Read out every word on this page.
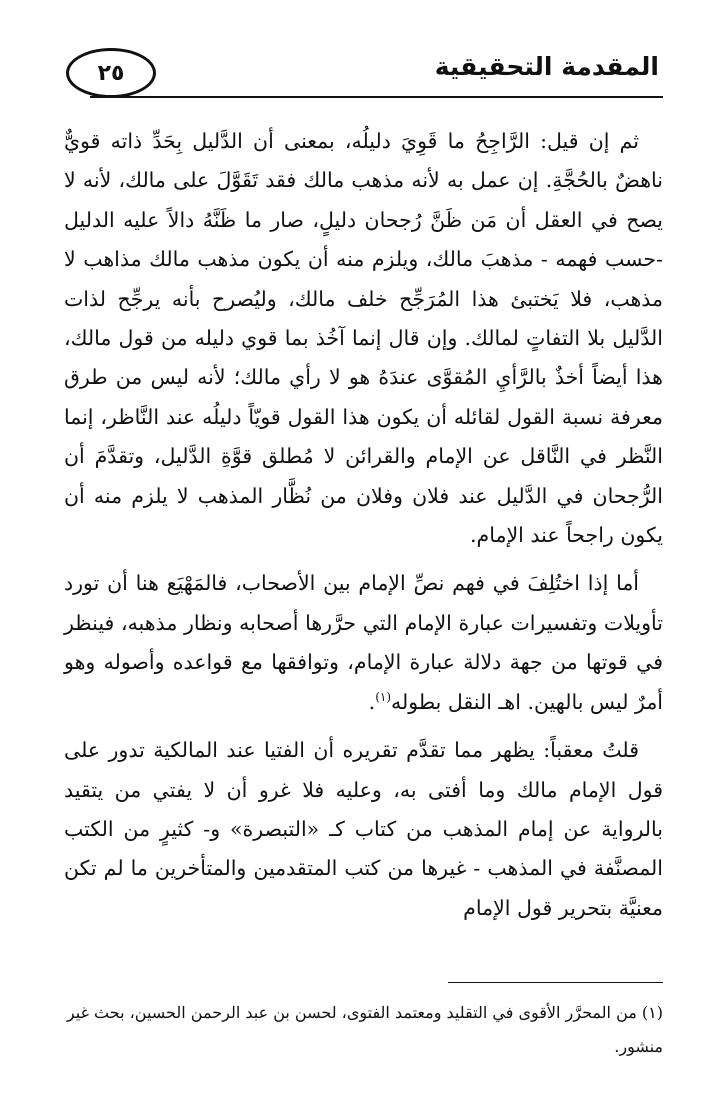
٢٥	المقدمة التحقيقية

ثم إن قيل: الرَّاجِحُ ما قَوِيَ دليلُه، بمعنى أن الدَّليل بِحَدِّ ذاته قويٌّ ناهضٌ بالحُجَّةِ. إن عمل به لأنه مذهب مالك فقد تَقَوَّلَ على مالك، لأنه لا يصح في العقل أن مَن ظَنَّ رُجحان دليلٍ، صار ما ظَنَّهُ دالاً عليه الدليل -حسب فهمه - مذهبَ مالك، ويلزم منه أن يكون مذهب مالك مذاهب لا مذهب، فلا يَختبئ هذا المُرَجِّح خلف مالك، وليُصرح بأنه يرجِّح لذات الدَّليل بلا التفاتٍ لمالك. وإن قال إنما آخُذ بما قوي دليله من قول مالك، هذا أيضاً أخذٌ بالرَّأيِ المُقوَّى عندَهُ هو لا رأي مالك؛ لأنه ليس من طرق معرفة نسبة القول لقائله أن يكون هذا القول قويّاً دليلُه عند النَّاظر، إنما النَّظر في النَّاقل عن الإمام والقرائن لا مُطلق قوَّةِ الدَّليل، وتقدَّمَ أن الرُّجحان في الدَّليل عند فلان وفلان من نُظَّار المذهب لا يلزم منه أن يكون راجحاً عند الإمام.

أما إذا اختُلِفَ في فهم نصِّ الإمام بين الأصحاب، فالمَهْيَع هنا أن تورد تأويلات وتفسيرات عبارة الإمام التي حرَّرها أصحابه ونظار مذهبه، فينظر في قوتها من جهة دلالة عبارة الإمام، وتوافقها مع قواعده وأصوله وهو أمرٌ ليس بالهين. اهـ النقل بطوله$^{(١)}$.

قلتُ معقباً: يظهر مما تقدَّم تقريره أن الفتيا عند المالكية تدور على قول الإمام مالك وما أفتى به، وعليه فلا غرو أن لا يفتي من يتقيد بالرواية عن إمام المذهب من كتاب كـ «التبصرة» و- كثيرٍ من الكتب المصنَّفة في المذهب - غيرها من كتب المتقدمين والمتأخرين ما لم تكن معنيَّة بتحرير قول الإمام

(١) من المحرَّر الأقوى في التقليد ومعتمد الفتوى، لحسن بن عبد الرحمن الحسين، بحث غير منشور.
